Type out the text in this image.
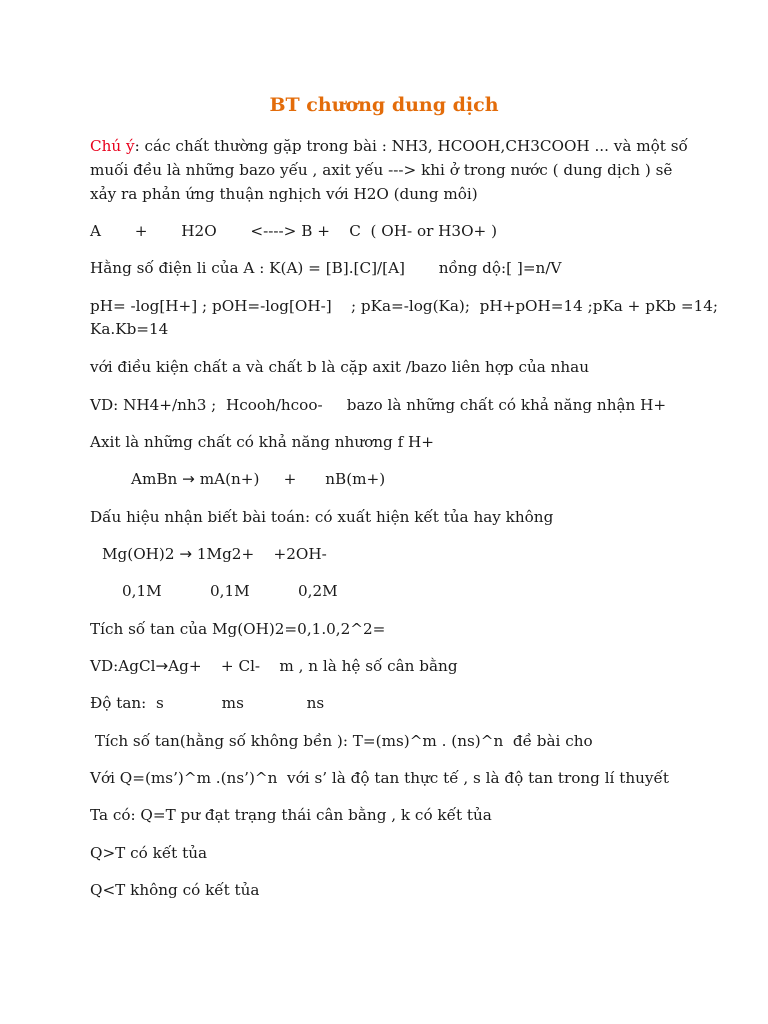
BT chương dung dịch
Chú ý: các chất thường gặp trong bài : NH3, HCOOH,CH3COOH ... và một số
muối đều là những bazo yếu , axit yếu ---> khi ở trong nước ( dung dịch ) sẽ
xảy ra phản ứng thuận nghịch với H2O (dung môi)
A       +       H2O       <----> B +    C  ( OH- or H3O+ )
Hằng số điện li của A : K(A) = [B].[C]/[A]       nồng dộ:[ ]=n/V
pH= -log[H+] ; pOH=-log[OH-]    ; pKa=-log(Ka);  pH+pOH=14 ;pKa + pKb =14;
Ka.Kb=14
với điều kiện chất a và chất b là cặp axit /bazo liên hợp của nhau
VD: NH4+/nh3 ;  Hcooh/hcoo-     bazo là những chất có khả năng nhận H+
Axit là những chất có khả năng nhương f H+
AmBn → mA(n+)     +      nB(m+)
Dấu hiệu nhận biết bài toán: có xuất hiện kết tủa hay không
Mg(OH)2 → 1Mg2+    +2OH-
0,1M          0,1M          0,2M
Tích số tan của Mg(OH)2=0,1.0,2^2=
VD:AgCl→Ag+    + Cl-    m , n là hệ số cân bằng
Độ tan:  s            ms             ns
Tích số tan(hằng số không bền ): T=(ms)^m . (ns)^n  đề bài cho
Với Q=(ms’)^m .(ns’)^n  với s’ là độ tan thực tế , s là độ tan trong lí thuyết
Ta có: Q=T pư đạt trạng thái cân bằng , k có kết tủa
Q>T có kết tủa
Q<T không có kết tủa
